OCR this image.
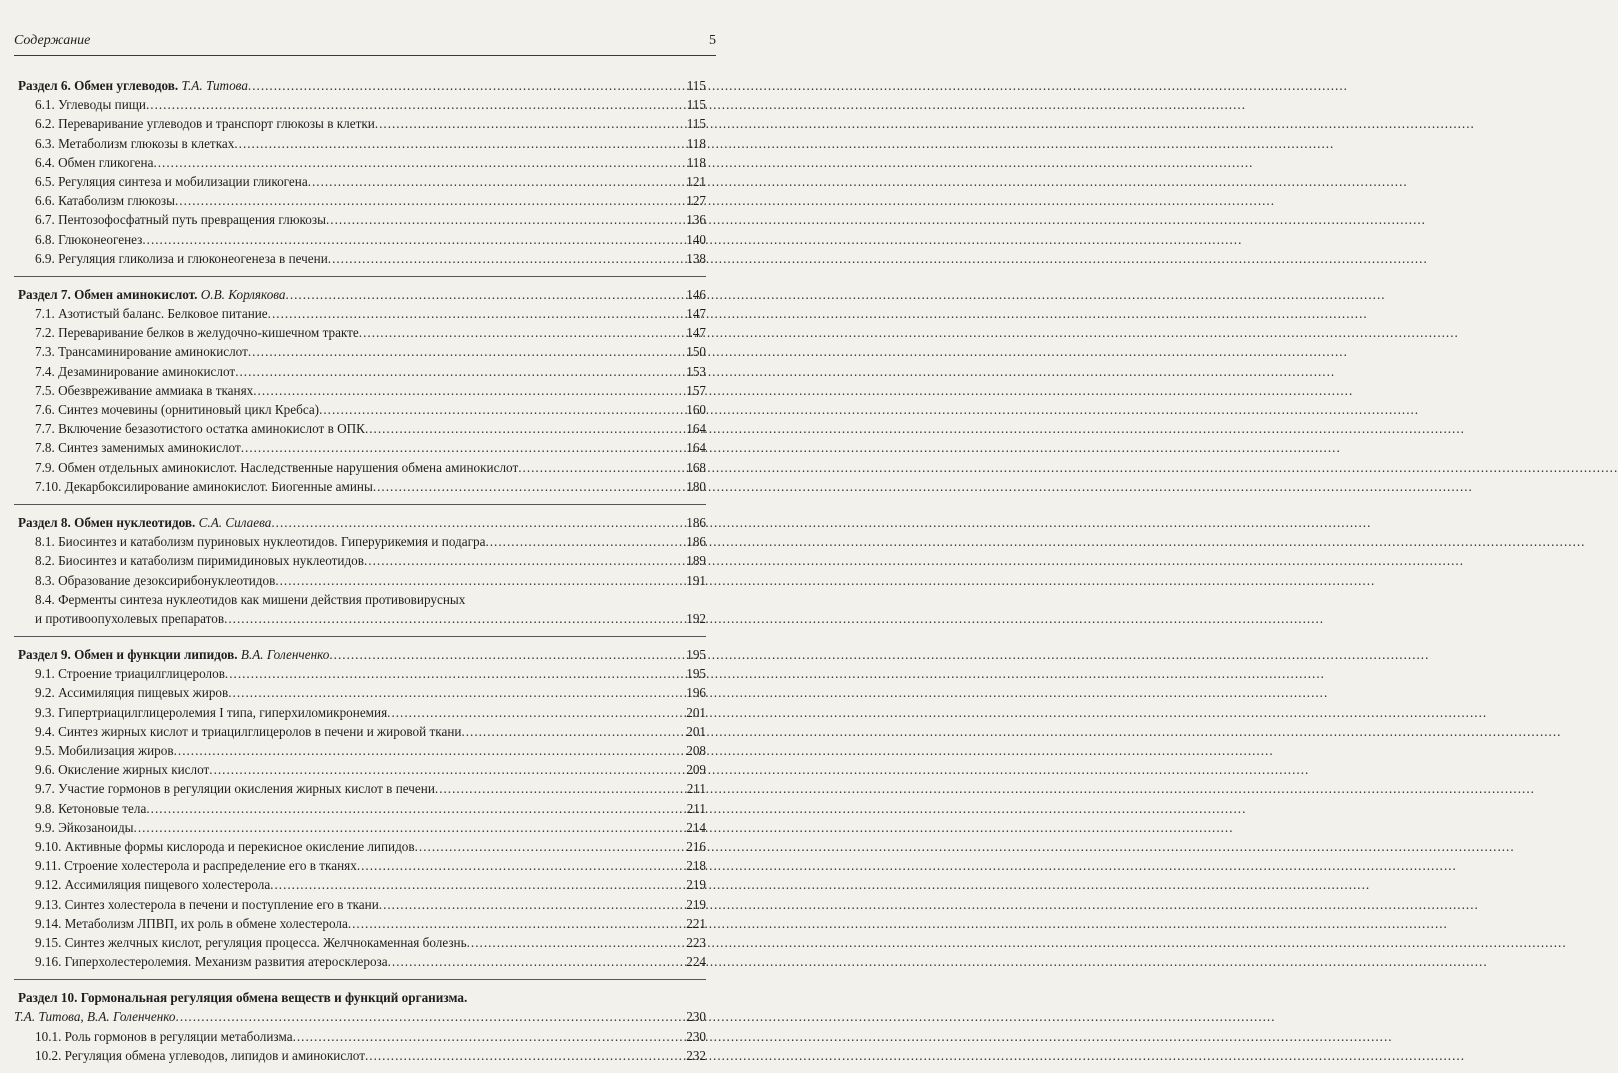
Содержание	5
Раздел 6. Обмен углеводов. Т.А. Титова .....	115
6.1. Углеводы пищи .....	115
6.2. Переваривание углеводов и транспорт глюкозы в клетки .....	115
6.3. Метаболизм глюкозы в клетках .....	118
6.4. Обмен гликогена .....	118
6.5. Регуляция синтеза и мобилизации гликогена .....	121
6.6. Катаболизм глюкозы .....	127
6.7. Пентозофосфатный путь превращения глюкозы .....	136
6.8. Глюконеогенез .....	140
6.9. Регуляция гликолиза и глюконеогенеза в печени .....	138
Раздел 7. Обмен аминокислот. О.В. Корлякова .....	146
7.1. Азотистый баланс. Белковое питание .....	147
7.2. Переваривание белков в желудочно-кишечном тракте .....	147
7.3. Трансаминирование аминокислот .....	150
7.4. Дезаминирование аминокислот .....	153
7.5. Обезвреживание аммиака в тканях .....	157
7.6. Синтез мочевины (орнитиновый цикл Кребса) .....	160
7.7. Включение безазотистого остатка аминокислот в ОПК .....	164
7.8. Синтез заменимых аминокислот .....	164
7.9. Обмен отдельных аминокислот. Наследственные нарушения обмена аминокислот .....	168
7.10. Декарбоксилирование аминокислот. Биогенные амины .....	180
Раздел 8. Обмен нуклеотидов. С.А. Силаева .....	186
8.1. Биосинтез и катаболизм пуриновых нуклеотидов. Гиперурикемия и подагра .....	186
8.2. Биосинтез и катаболизм пиримидиновых нуклеотидов .....	189
8.3. Образование дезоксирибонуклеотидов .....	191
8.4. Ферменты синтеза нуклеотидов как мишени действия противовирусных
и противоопухолевых препаратов .....	192
Раздел 9. Обмен и функции липидов. В.А. Голенченко .....	195
9.1. Строение триацилглицеролов .....	195
9.2. Ассимиляция пищевых жиров .....	196
9.3. Гипертриацилглицеролемия I типа, гиперхиломикронемия .....	201
9.4. Синтез жирных кислот и триацилглицеролов в печени и жировой ткани .....	201
9.5. Мобилизация жиров .....	208
9.6. Окисление жирных кислот .....	209
9.7. Участие гормонов в регуляции окисления жирных кислот в печени .....	211
9.8. Кетоновые тела .....	211
9.9. Эйкозаноиды .....	214
9.10. Активные формы кислорода и перекисное окисление липидов .....	216
9.11. Строение холестерола и распределение его в тканях .....	218
9.12. Ассимиляция пищевого холестерола .....	219
9.13. Синтез холестерола в печени и поступление его в ткани .....	219
9.14. Метаболизм ЛПВП, их роль в обмене холестерола .....	221
9.15. Синтез желчных кислот, регуляция процесса. Желчнокаменная болезнь .....	223
9.16. Гиперхолестеролемия. Механизм развития атеросклероза .....	224
Раздел 10. Гормональная регуляция обмена веществ и функций организма.
Т.А. Титова, В.А. Голенченко .....	230
10.1. Роль гормонов в регуляции метаболизма .....	230
10.2. Регуляция обмена углеводов, липидов и аминокислот .....	232
